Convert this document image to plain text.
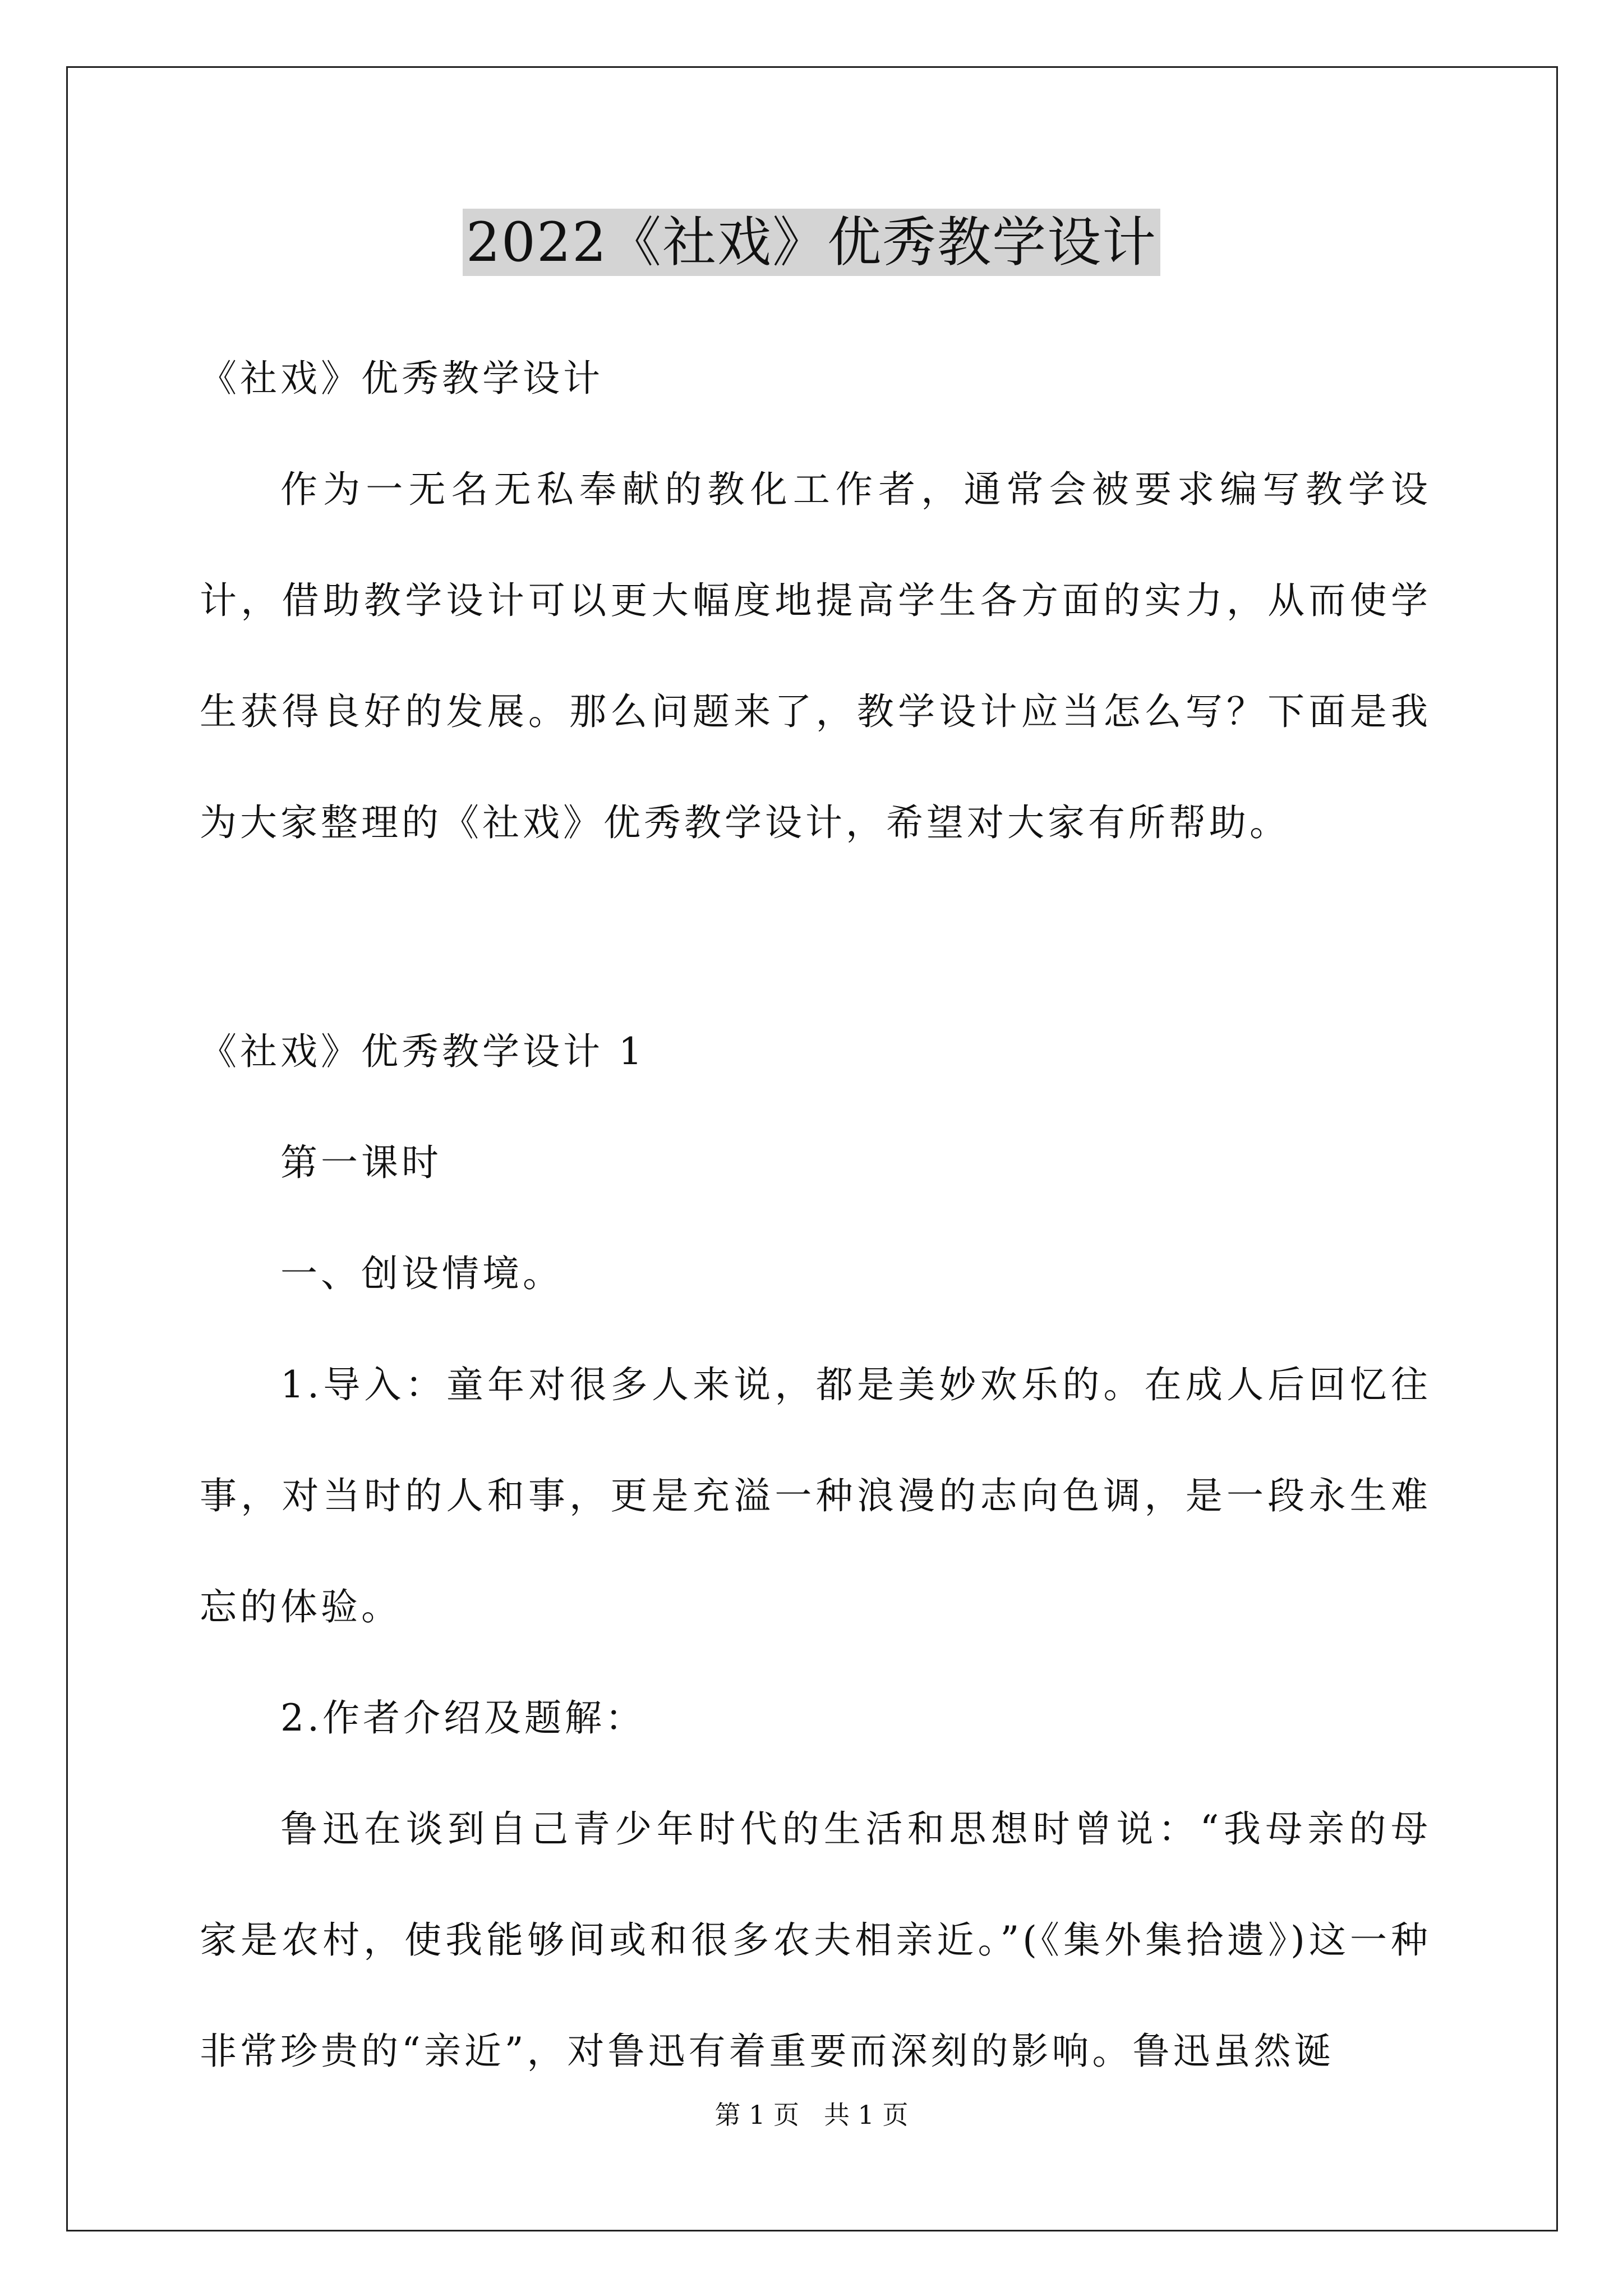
2022《社戏》优秀教学设计

《社戏》优秀教学设计

作为一无名无私奉献的教化工作者，通常会被要求编写教学设计，借助教学设计可以更大幅度地提高学生各方面的实力，从而使学生获得良好的发展。那么问题来了，教学设计应当怎么写？下面是我为大家整理的《社戏》优秀教学设计，希望对大家有所帮助。

《社戏》优秀教学设计 1

第一课时

一、创设情境。

1.导入：童年对很多人来说，都是美妙欢乐的。在成人后回忆往事，对当时的人和事，更是充溢一种浪漫的志向色调，是一段永生难忘的体验。

2.作者介绍及题解：

鲁迅在谈到自己青少年时代的生活和思想时曾说：“我母亲的母家是农村，使我能够间或和很多农夫相亲近。”(《集外集拾遗》)这一种非常珍贵的“亲近”，对鲁迅有着重要而深刻的影响。鲁迅虽然诞

第 1 页 共 1 页
